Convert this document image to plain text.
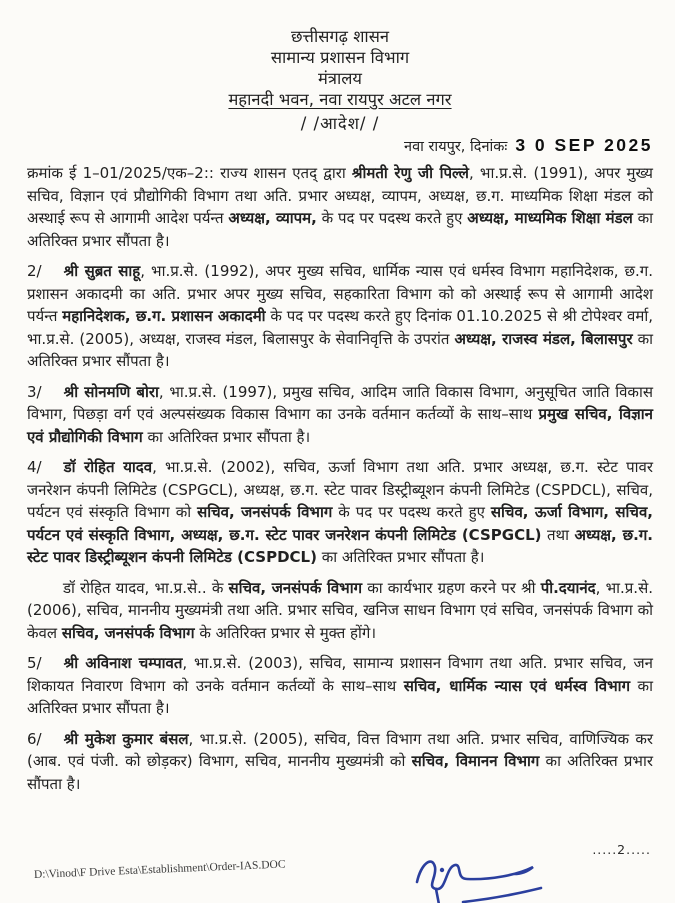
छत्तीसगढ़ शासन
सामान्य प्रशासन विभाग
मंत्रालय
महानदी भवन, नवा रायपुर अटल नगर
/ /आदेश/ /
नवा रायपुर, दिनांकः 3 0 SEP 2025

क्रमांक ई 1–01/2025/एक–2:: राज्य शासन एतद् द्वारा श्रीमती रेणु जी पिल्ले, भा.प्र.से. (1991), अपर मुख्य सचिव, विज्ञान एवं प्रौद्योगिकी विभाग तथा अति. प्रभार अध्यक्ष, व्यापम, अध्यक्ष, छ.ग. माध्यमिक शिक्षा मंडल को अस्थाई रूप से आगामी आदेश पर्यन्त अध्यक्ष, व्यापम, के पद पर पदस्थ करते हुए अध्यक्ष, माध्यमिक शिक्षा मंडल का अतिरिक्त प्रभार सौंपता है।

2/ श्री सुब्रत साहू, भा.प्र.से. (1992), अपर मुख्य सचिव, धार्मिक न्यास एवं धर्मस्व विभाग महानिदेशक, छ.ग. प्रशासन अकादमी का अति. प्रभार अपर मुख्य सचिव, सहकारिता विभाग को को अस्थाई रूप से आगामी आदेश पर्यन्त महानिदेशक, छ.ग. प्रशासन अकादमी के पद पर पदस्थ करते हुए दिनांक 01.10.2025 से श्री टोपेश्वर वर्मा, भा.प्र.से. (2005), अध्यक्ष, राजस्व मंडल, बिलासपुर के सेवानिवृत्ति के उपरांत अध्यक्ष, राजस्व मंडल, बिलासपुर का अतिरिक्त प्रभार सौंपता है।

3/ श्री सोनमणि बोरा, भा.प्र.से. (1997), प्रमुख सचिव, आदिम जाति विकास विभाग, अनुसूचित जाति विकास विभाग, पिछड़ा वर्ग एवं अल्पसंख्यक विकास विभाग का उनके वर्तमान कर्तव्यों के साथ–साथ प्रमुख सचिव, विज्ञान एवं प्रौद्योगिकी विभाग का अतिरिक्त प्रभार सौंपता है।

4/ डॉ रोहित यादव, भा.प्र.से. (2002), सचिव, ऊर्जा विभाग तथा अति. प्रभार अध्यक्ष, छ.ग. स्टेट पावर जनरेशन कंपनी लिमिटेड (CSPGCL), अध्यक्ष, छ.ग. स्टेट पावर डिस्ट्रीब्यूशन कंपनी लिमिटेड (CSPDCL), सचिव, पर्यटन एवं संस्कृति विभाग को सचिव, जनसंपर्क विभाग के पद पर पदस्थ करते हुए सचिव, ऊर्जा विभाग, सचिव, पर्यटन एवं संस्कृति विभाग, अध्यक्ष, छ.ग. स्टेट पावर जनरेशन कंपनी लिमिटेड (CSPGCL) तथा अध्यक्ष, छ.ग. स्टेट पावर डिस्ट्रीब्यूशन कंपनी लिमिटेड (CSPDCL) का अतिरिक्त प्रभार सौंपता है।

डॉ रोहित यादव, भा.प्र.से.. के सचिव, जनसंपर्क विभाग का कार्यभार ग्रहण करने पर श्री पी.दयानंद, भा.प्र.से. (2006), सचिव, माननीय मुख्यमंत्री तथा अति. प्रभार सचिव, खनिज साधन विभाग एवं सचिव, जनसंपर्क विभाग को केवल सचिव, जनसंपर्क विभाग के अतिरिक्त प्रभार से मुक्त होंगे।

5/ श्री अविनाश चम्पावत, भा.प्र.से. (2003), सचिव, सामान्य प्रशासन विभाग तथा अति. प्रभार सचिव, जन शिकायत निवारण विभाग को उनके वर्तमान कर्तव्यों के साथ–साथ सचिव, धार्मिक न्यास एवं धर्मस्व विभाग का अतिरिक्त प्रभार सौंपता है।

6/ श्री मुकेश कुमार बंसल, भा.प्र.से. (2005), सचिव, वित्त विभाग तथा अति. प्रभार सचिव, वाणिज्यिक कर (आब. एवं पंजी. को छोड़कर) विभाग, सचिव, माननीय मुख्यमंत्री को सचिव, विमानन विभाग का अतिरिक्त प्रभार सौंपता है।

.....2.....
D:\Vinod\F Drive Esta\Establishment\Order-IAS.DOC
